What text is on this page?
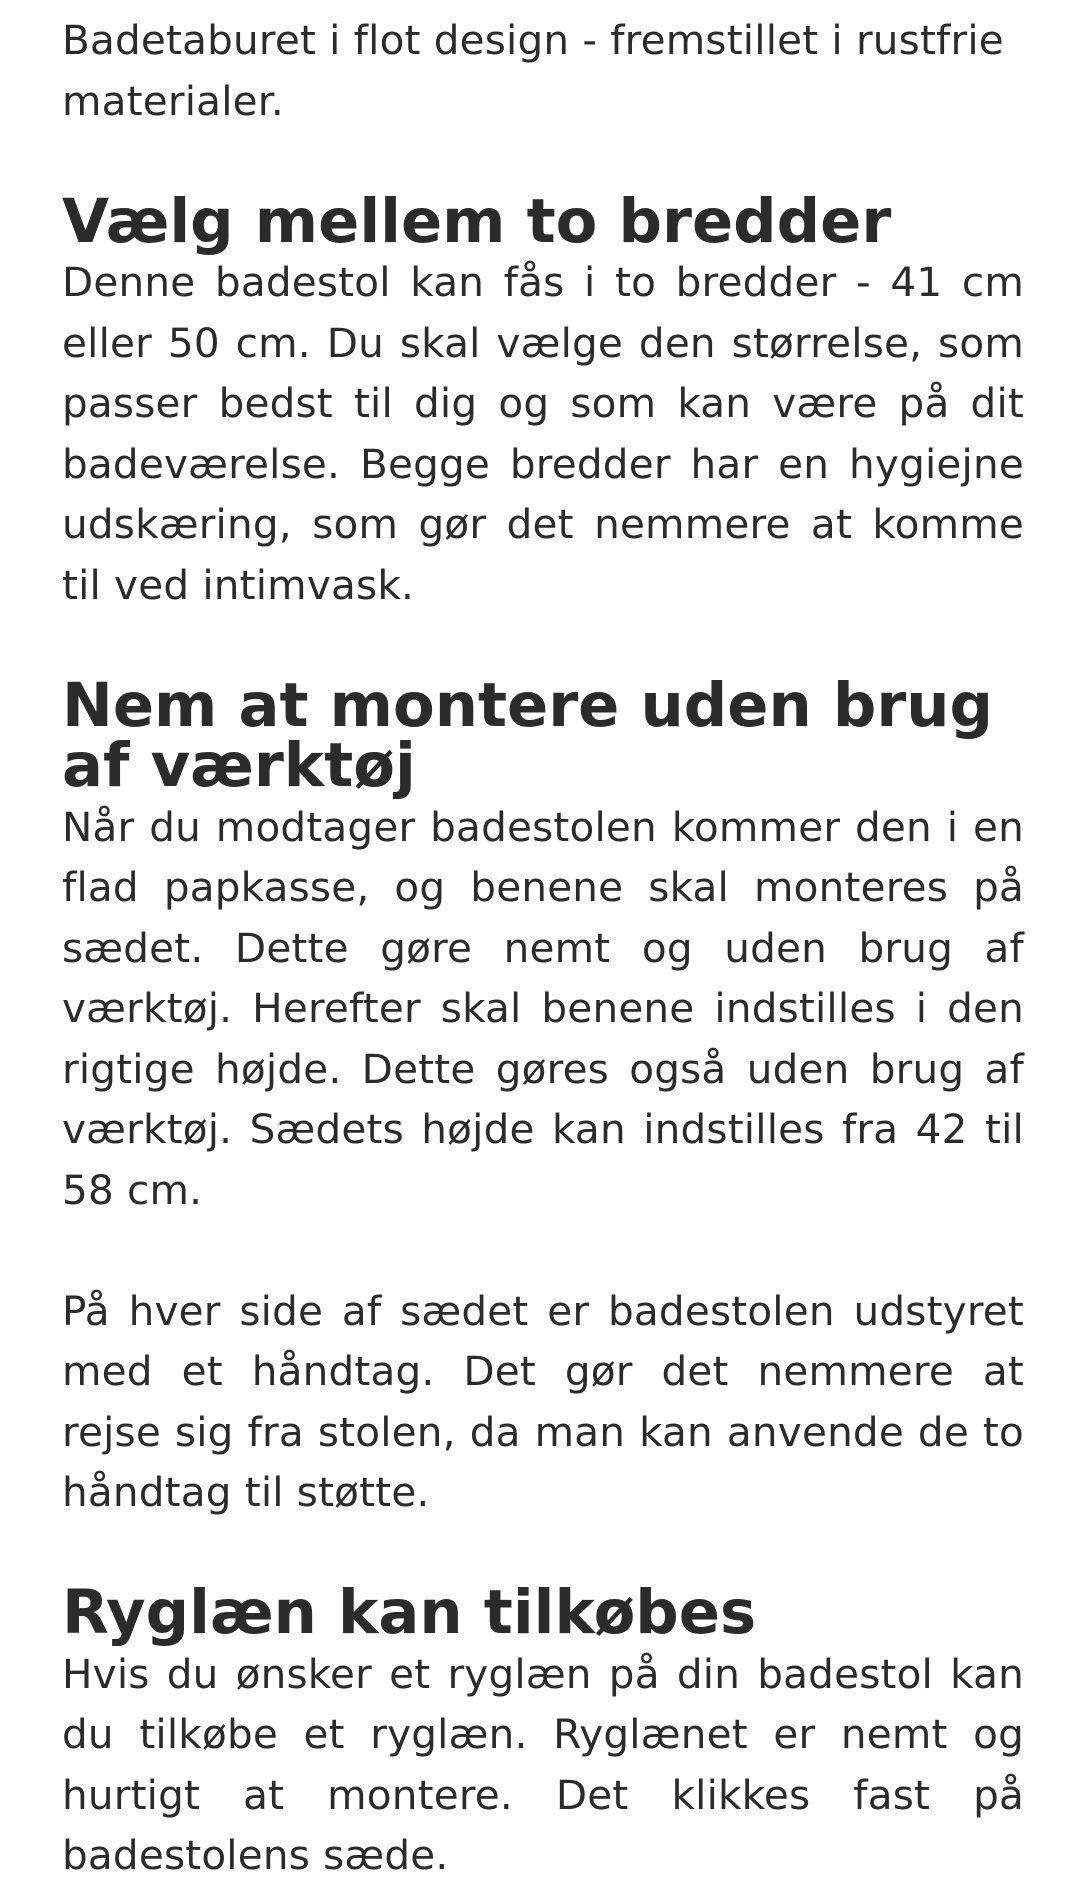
Badetaburet i flot design - fremstillet i rustfrie materialer.

Vælg mellem to bredder

Denne badestol kan fås i to bredder - 41 cm eller 50 cm. Du skal vælge den størrelse, som passer bedst til dig og som kan være på dit badeværelse. Begge bredder har en hygiejne udskæring, som gør det nemmere at komme til ved intimvask.

Nem at montere uden brug af værktøj

Når du modtager badestolen kommer den i en flad papkasse, og benene skal monteres på sædet. Dette gøre nemt og uden brug af værktøj. Herefter skal benene indstilles i den rigtige højde. Dette gøres også uden brug af værktøj. Sædets højde kan indstilles fra 42 til 58 cm.

På hver side af sædet er badestolen udstyret med et håndtag. Det gør det nemmere at rejse sig fra stolen, da man kan anvende de to håndtag til støtte.

Ryglæn kan tilkøbes

Hvis du ønsker et ryglæn på din badestol kan du tilkøbe et ryglæn. Ryglænet er nemt og hurtigt at montere. Det klikkes fast på badestolens sæde.
